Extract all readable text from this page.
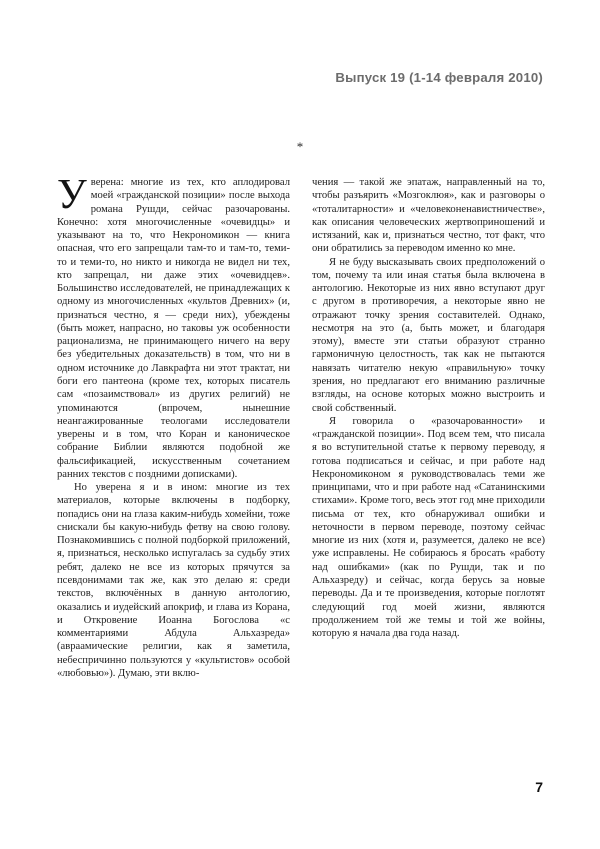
Выпуск 19 (1-14 февраля 2010)
*

Уверена: многие из тех, кто аплодировал моей «гражданской позиции» после выхода романа Рушди, сейчас разочарованы. Конечно: хотя многочисленные «очевидцы» и указывают на то, что Некрономикон — книга опасная, что его запрещали там-то и там-то, теми-то и теми-то, но никто и никогда не видел ни тех, кто запрещал, ни даже этих «очевидцев». Большинство исследователей, не принадлежащих к одному из многочисленных «культов Древних» (и, признаться честно, я — среди них), убеждены (быть может, напрасно, но таковы уж особенности рационализма, не принимающего ничего на веру без убедительных доказательств) в том, что ни в одном источнике до Лавкрафта ни этот трактат, ни боги его пантеона (кроме тех, которых писатель сам «позаимствовал» из других религий) не упоминаются (впрочем, нынешние неангажированные теологами исследователи уверены и в том, что Коран и каноническое собрание Библии являются подобной же фальсификацией, искусственным сочетанием ранних текстов с поздними дописками).

Но уверена я и в ином: многие из тех материалов, которые включены в подборку, попадись они на глаза каким-нибудь хомейни, тоже снискали бы какую-нибудь фетву на свою голову. Познакомившись с полной подборкой приложений, я, признаться, несколько испугалась за судьбу этих ребят, далеко не все из которых прячутся за псевдонимами так же, как это делаю я: среди текстов, включённых в данную антологию, оказались и иудейский апокриф, и глава из Корана, и Откровение Иоанна Богослова «с комментариями Абдула Альхазреда» (авраамические религии, как я заметила, небеспричинно пользуются у «культистов» особой «любовью»). Думаю, эти вклю-

чения — такой же эпатаж, направленный на то, чтобы разъярить «Мозгоклюя», как и разговоры о «тоталитарности» и «человеконенавистничестве», как описания человеческих жертвоприношений и истязаний, как и, признаться честно, тот факт, что они обратились за переводом именно ко мне.

Я не буду высказывать своих предположений о том, почему та или иная статья была включена в антологию. Некоторые из них явно вступают друг с другом в противоречия, а некоторые явно не отражают точку зрения составителей. Однако, несмотря на это (а, быть может, и благодаря этому), вместе эти статьи образуют странно гармоничную целостность, так как не пытаются навязать читателю некую «правильную» точку зрения, но предлагают его вниманию различные взгляды, на основе которых можно выстроить и свой собственный.

Я говорила о «разочарованности» и «гражданской позиции». Под всем тем, что писала я во вступительной статье к первому переводу, я готова подписаться и сейчас, и при работе над Некрономиконом я руководствовалась теми же принципами, что и при работе над «Сатанинскими стихами». Кроме того, весь этот год мне приходили письма от тех, кто обнаруживал ошибки и неточности в первом переводе, поэтому сейчас многие из них (хотя и, разумеется, далеко не все) уже исправлены. Не собираюсь я бросать «работу над ошибками» (как по Рушди, так и по Альхазреду) и сейчас, когда берусь за новые переводы. Да и те произведения, которые поглотят следующий год моей жизни, являются продолжением той же темы и той же войны, которую я начала два года назад.

7
